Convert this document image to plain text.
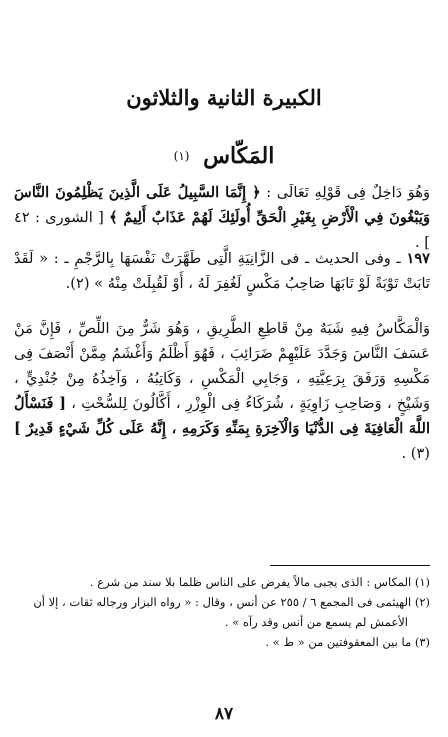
الكبيرة الثانية والثلاثون
المَكّاس $^{(١)}$
وَهُوَ دَاخِلٌ فِى قَوْلِهِ تَعَالَى : ﴿ إِنَّمَا السَّبِيلُ عَلَى الَّذِينَ يَظْلِمُونَ النَّاسَ وَيَبْغُونَ فِي الْأَرْضِ بِغَيْرِ الْحَقِّ أُولَئِكَ لَهُمْ عَذَابٌ أَلِيمٌ ﴾ [ الشورى : ٤٢ ] .
١٩٧ ـ وفى الحديث ـ فى الزَّانِيَةِ الَّتِى طَهَّرَتْ نَفْسَهَا بِالرَّجْمِ ـ : « لَقَدْ تَابَتْ تَوْبَةً لَوْ تَابَهَا صَاحِبُ مَكْسٍ لَغُفِرَ لَهُ ، أَوْ لَقُبِلَتْ مِنْهُ » (٢).
وَالْمَكَّاسُ فِيهِ شَبَهٌ مِنْ قَاطِعِ الطَّرِيقِ ، وَهُوَ شَرٌّ مِنَ اللِّصِّ ، فَإِنَّ مَنْ عَسَفَ النَّاسَ وَجَدَّدَ عَلَيْهِمْ ضَرَائِبَ ، فَهُوَ أَظْلَمُ وَأَغْشَمُ مِمَّنْ أَنْصَفَ فِى مَكْسِهِ وَرَفَقَ بِرَعِيَّتِهِ ، وَجَابِي الْمَكْسِ ، وَكَاتِبُهُ ، وَآخِذُهُ مِنْ جُنْدِيٍّ ، وَشَيْخٍ ، وَصَاحِبِ زَاوِيَةٍ ، شُرَكَاءُ فِى الْوِزْرِ ، أَكَّالُونَ لِلسُّحْتِ ، [ فَنَسْأَلُ اللَّهَ الْعَافِيَةَ فِى الدُّنْيَا وَالْآخِرَةِ بِمَنِّهِ وَكَرَمِهِ ، إِنَّهُ عَلَى كُلِّ شَيْءٍ قَدِيرٌ ] (٣) .

(١) المكاس : الذى يجبى مالاً يفرض على الناس ظلما بلا سند من شرع .

(٢) الهيثمى فى المجمع ٦ / ٢٥٥ عن أنس ، وقال : « رواه البزار ورجاله ثقات ، إلا أن

الأعمش لم يسمع من أنس وقد رآه » .

(٣) ما بين المعقوفتين من « ط » .

٨٧
